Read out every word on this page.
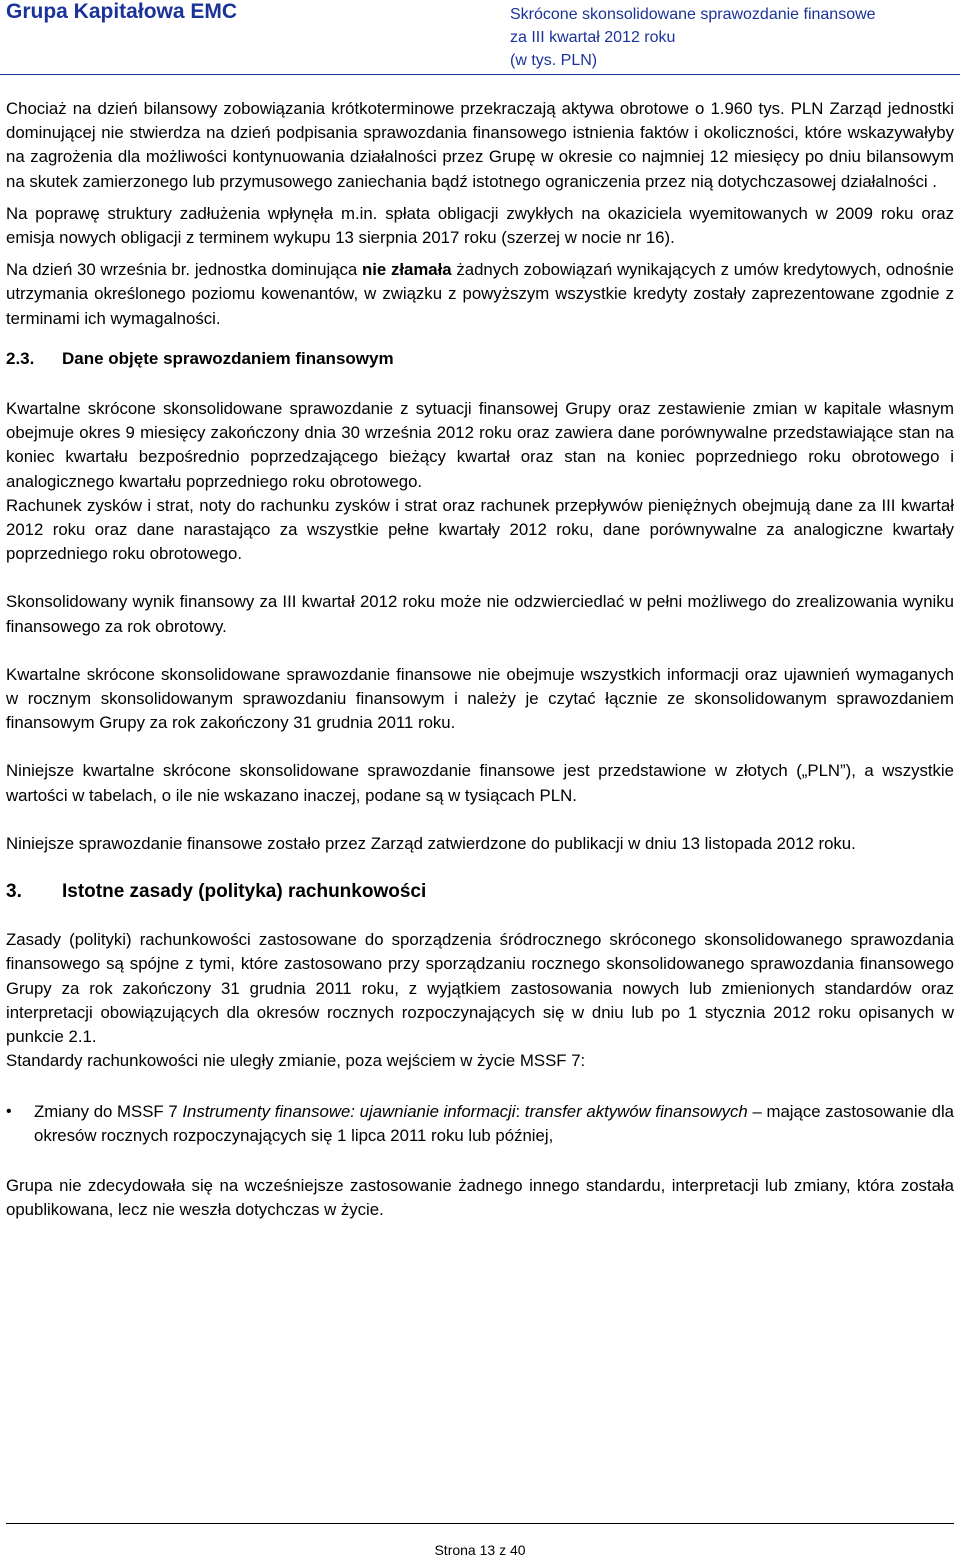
Grupa Kapitałowa EMC	Skrócone skonsolidowane sprawozdanie finansowe
za III kwartał 2012 roku
(w tys. PLN)

Chociaż na dzień bilansowy zobowiązania krótkoterminowe przekraczają aktywa obrotowe o 1.960 tys. PLN Zarząd jednostki dominującej nie stwierdza na dzień podpisania sprawozdania finansowego istnienia faktów i okoliczności, które wskazywałyby na zagrożenia dla możliwości kontynuowania działalności przez Grupę w okresie co najmniej 12 miesięcy po dniu bilansowym na skutek zamierzonego lub przymusowego zaniechania bądź istotnego ograniczenia przez nią dotychczasowej działalności .

Na poprawę struktury zadłużenia wpłynęła m.in. spłata obligacji zwykłych na okaziciela wyemitowanych w 2009 roku oraz emisja nowych obligacji z terminem wykupu 13 sierpnia 2017 roku (szerzej w nocie nr 16).

Na dzień 30 września br. jednostka dominująca nie złamała żadnych zobowiązań wynikających z umów kredytowych, odnośnie utrzymania określonego poziomu kowenantów, w związku z powyższym wszystkie kredyty zostały zaprezentowane zgodnie z terminami ich wymagalności.

2.3. Dane objęte sprawozdaniem finansowym

Kwartalne skrócone skonsolidowane sprawozdanie z sytuacji finansowej Grupy oraz zestawienie zmian w kapitale własnym obejmuje okres 9 miesięcy zakończony dnia 30 września 2012 roku oraz zawiera dane porównywalne przedstawiające stan na koniec kwartału bezpośrednio poprzedzającego bieżący kwartał oraz stan na koniec poprzedniego roku obrotowego i analogicznego kwartału poprzedniego roku obrotowego.

Rachunek zysków i strat, noty do rachunku zysków i strat oraz rachunek przepływów pieniężnych obejmują dane za III kwartał 2012 roku oraz dane narastająco za wszystkie pełne kwartały 2012 roku, dane porównywalne za analogiczne kwartały poprzedniego roku obrotowego.

Skonsolidowany wynik finansowy za III kwartał 2012 roku może nie odzwierciedlać w pełni możliwego do zrealizowania wyniku finansowego za rok obrotowy.

Kwartalne skrócone skonsolidowane sprawozdanie finansowe nie obejmuje wszystkich informacji oraz ujawnień wymaganych w rocznym skonsolidowanym sprawozdaniu finansowym i należy je czytać łącznie ze skonsolidowanym sprawozdaniem finansowym Grupy za rok zakończony 31 grudnia 2011 roku.

Niniejsze kwartalne skrócone skonsolidowane sprawozdanie finansowe jest przedstawione w złotych („PLN”), a wszystkie wartości w tabelach, o ile nie wskazano inaczej, podane są w tysiącach PLN.

Niniejsze sprawozdanie finansowe zostało przez Zarząd zatwierdzone do publikacji w dniu 13 listopada 2012 roku.

3. Istotne zasady (polityka) rachunkowości

Zasady (polityki) rachunkowości zastosowane do sporządzenia śródrocznego skróconego skonsolidowanego sprawozdania finansowego są spójne z tymi, które zastosowano przy sporządzaniu rocznego skonsolidowanego sprawozdania finansowego Grupy za rok zakończony 31 grudnia 2011 roku, z wyjątkiem zastosowania nowych lub zmienionych standardów oraz interpretacji obowiązujących dla okresów rocznych rozpoczynających się w dniu lub po 1 stycznia 2012 roku opisanych w punkcie 2.1.

Standardy rachunkowości nie uległy zmianie, poza wejściem w życie MSSF 7:

•	Zmiany do MSSF 7 Instrumenty finansowe: ujawnianie informacji: transfer aktywów finansowych – mające zastosowanie dla okresów rocznych rozpoczynających się 1 lipca 2011 roku lub później,

Grupa nie zdecydowała się na wcześniejsze zastosowanie żadnego innego standardu, interpretacji lub zmiany, która została opublikowana, lecz nie weszła dotychczas w życie.

Strona 13 z 40
